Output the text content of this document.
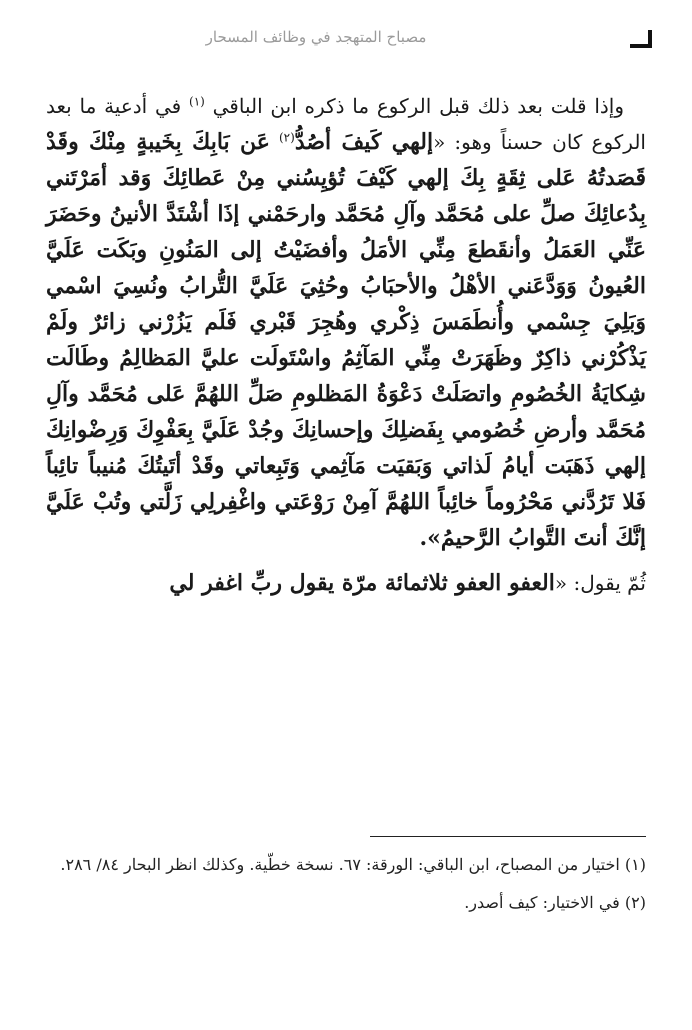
مصباح المتهجد في وظائف المسحار

وإذا قلت بعد ذلك قبل الركوع ما ذكره ابن الباقي $^{(١)}$ في أدعية ما بعد الركوع كان حسناً وهو: «إلهي كَيفَ أصُدُّ$^{(٢)}$ عَن بَابِكَ بِخَيبةٍ مِنْكَ وقَدْ قَصَدتُهُ عَلى ثِقَةٍ بِكَ إلهي كَيْفَ تُؤيِسُني مِنْ عَطائِكَ وَقد أمَرْتَني بِدُعائِكَ صلِّ على مُحَمَّد وآلِ مُحَمَّد وارحَمْني إذَا أشْتَدَّ الأنينُ وحَضَرَ عَنِّي العَمَلُ وأنقَطعَ مِنِّي الأمَلُ وأفضَيْتُ إلى المَنُونِ وبَكَت عَلَيَّ العُيونُ وَوَدَّعَني الأهْلُ والأحبَابُ وحُثِيَ عَلَيَّ التُّرابُ ونُسِيَ اسْمي وَبَلِيَ جِسْمي وأُنطَمَسَ ذِكْري وهُجِرَ قَبْري فَلَم يَزُرْني زائرٌ ولَمْ يَذْكُرْني ذاكِرٌ وظَهَرَتْ مِنِّي المَآثِمُ واسْتَولَت عليَّ المَظالِمُ وطَالَت شِكايَةُ الخُصُومِ واتصَلَتْ دَعْوَةُ المَظلومِ صَلِّ اللهُمَّ عَلى مُحَمَّد وآلِ مُحَمَّد وأرضِ خُصُومي بِفَضلِكَ وإحسانِكَ وجُدْ عَلَيَّ بِعَفْوِكَ وَرِضْوانِكَ إلهي ذَهَبَت أيامُ لَذاتي وَبَقيَت مَآثِمي وَتَبِعاتي وقَدْ أتَيتُكَ مُنيباً تائِباً فَلا تَرُدَّني مَحْرُوماً خائِباً اللهُمَّ آمِنْ رَوْعَتي واغْفِرلِي زَلَّتي وتُبْ عَلَيَّ إنَّكَ أنتَ التَّوابُ الرَّحيمُ».

ثُمّ يقول: «العفو العفو ثلاثمائة مرّة يقول ربِّ اغفر لي

(١) اختيار من المصباح، ابن الباقي: الورقة: ٦٧. نسخة خطّية. وكذلك انظر البحار ٨٤/ ٢٨٦.

(٢) في الاختيار: كيف أصدر.
